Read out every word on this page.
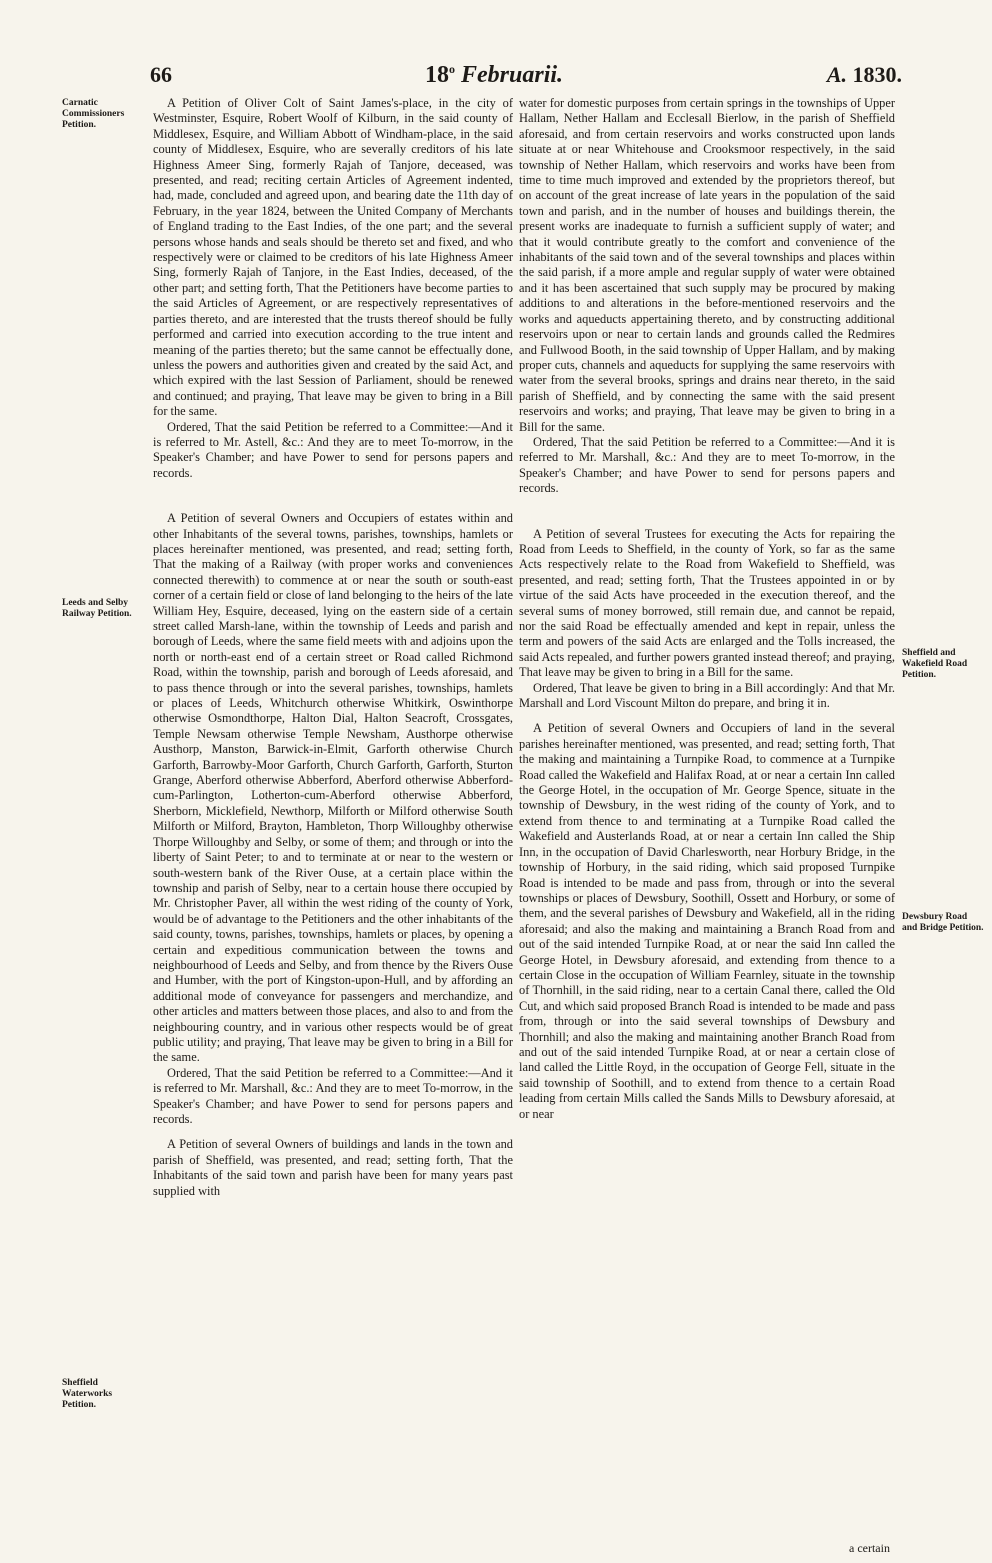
66	18$^o$ Februarii.	A. 1830.
Carnatic Commissioners Petition.
Leeds and Selby Railway Petition.
Sheffield Waterworks Petition.
Sheffield and Wakefield Road Petition.
Dewsbury Road and Bridge Petition.

A Petition of Oliver Colt of Saint James's-place, in the city of Westminster, Esquire, Robert Woolf of Kilburn, in the said county of Middlesex, Esquire, and William Abbott of Windham-place, in the said county of Middlesex, Esquire, who are severally creditors of his late Highness Ameer Sing, formerly Rajah of Tanjore, deceased, was presented, and read; reciting certain Articles of Agreement indented, had, made, concluded and agreed upon, and bearing date the 11th day of February, in the year 1824, between the United Company of Merchants of England trading to the East Indies, of the one part; and the several persons whose hands and seals should be thereto set and fixed, and who respectively were or claimed to be creditors of his late Highness Ameer Sing, formerly Rajah of Tanjore, in the East Indies, deceased, of the other part; and setting forth, That the Petitioners have become parties to the said Articles of Agreement, or are respectively representatives of parties thereto, and are interested that the trusts thereof should be fully performed and carried into execution according to the true intent and meaning of the parties thereto; but the same cannot be effectually done, unless the powers and authorities given and created by the said Act, and which expired with the last Session of Parliament, should be renewed and continued; and praying, That leave may be given to bring in a Bill for the same.

Ordered, That the said Petition be referred to a Committee:—And it is referred to Mr. Astell, &c.: And they are to meet To-morrow, in the Speaker's Chamber; and have Power to send for persons papers and records.

A Petition of several Owners and Occupiers of estates within and other Inhabitants of the several towns, parishes, townships, hamlets or places hereinafter mentioned, was presented, and read; setting forth, That the making of a Railway (with proper works and conveniences connected therewith) to commence at or near the south or south-east corner of a certain field or close of land belonging to the heirs of the late William Hey, Esquire, deceased, lying on the eastern side of a certain street called Marsh-lane, within the township of Leeds and parish and borough of Leeds, where the same field meets with and adjoins upon the north or north-east end of a certain street or Road called Richmond Road, within the township, parish and borough of Leeds aforesaid, and to pass thence through or into the several parishes, townships, hamlets or places of Leeds, Whitchurch otherwise Whitkirk, Oswinthorpe otherwise Osmondthorpe, Halton Dial, Halton Seacroft, Crossgates, Temple Newsam otherwise Temple Newsham, Austhorpe otherwise Austhorp, Manston, Barwick-in-Elmit, Garforth otherwise Church Garforth, Barrowby-Moor Garforth, Church Garforth, Garforth, Sturton Grange, Aberford otherwise Abberford, Aberford otherwise Abberford-cum-Parlington, Lotherton-cum-Aberford otherwise Abberford, Sherborn, Micklefield, Newthorp, Milforth or Milford otherwise South Milforth or Milford, Brayton, Hambleton, Thorp Willoughby otherwise Thorpe Willoughby and Selby, or some of them; and through or into the liberty of Saint Peter; to and to terminate at or near to the western or south-western bank of the River Ouse, at a certain place within the township and parish of Selby, near to a certain house there occupied by Mr. Christopher Paver, all within the west riding of the county of York, would be of advantage to the Petitioners and the other inhabitants of the said county, towns, parishes, townships, hamlets or places, by opening a certain and expeditious communication between the towns and neighbourhood of Leeds and Selby, and from thence by the Rivers Ouse and Humber, with the port of Kingston-upon-Hull, and by affording an additional mode of conveyance for passengers and merchandize, and other articles and matters between those places, and also to and from the neighbouring country, and in various other respects would be of great public utility; and praying, That leave may be given to bring in a Bill for the same.

Ordered, That the said Petition be referred to a Committee:—And it is referred to Mr. Marshall, &c.: And they are to meet To-morrow, in the Speaker's Chamber; and have Power to send for persons papers and records.

A Petition of several Owners of buildings and lands in the town and parish of Sheffield, was presented, and read; setting forth, That the Inhabitants of the said town and parish have been for many years past supplied with

water for domestic purposes from certain springs in the townships of Upper Hallam, Nether Hallam and Ecclesall Bierlow, in the parish of Sheffield aforesaid, and from certain reservoirs and works constructed upon lands situate at or near Whitehouse and Crooksmoor respectively, in the said township of Nether Hallam, which reservoirs and works have been from time to time much improved and extended by the proprietors thereof, but on account of the great increase of late years in the population of the said town and parish, and in the number of houses and buildings therein, the present works are inadequate to furnish a sufficient supply of water; and that it would contribute greatly to the comfort and convenience of the inhabitants of the said town and of the several townships and places within the said parish, if a more ample and regular supply of water were obtained and it has been ascertained that such supply may be procured by making additions to and alterations in the before-mentioned reservoirs and the works and aqueducts appertaining thereto, and by constructing additional reservoirs upon or near to certain lands and grounds called the Redmires and Fullwood Booth, in the said township of Upper Hallam, and by making proper cuts, channels and aqueducts for supplying the same reservoirs with water from the several brooks, springs and drains near thereto, in the said parish of Sheffield, and by connecting the same with the said present reservoirs and works; and praying, That leave may be given to bring in a Bill for the same.

Ordered, That the said Petition be referred to a Committee:—And it is referred to Mr. Marshall, &c.: And they are to meet To-morrow, in the Speaker's Chamber; and have Power to send for persons papers and records.

A Petition of several Trustees for executing the Acts for repairing the Road from Leeds to Sheffield, in the county of York, so far as the same Acts respectively relate to the Road from Wakefield to Sheffield, was presented, and read; setting forth, That the Trustees appointed in or by virtue of the said Acts have proceeded in the execution thereof, and the several sums of money borrowed, still remain due, and cannot be repaid, nor the said Road be effectually amended and kept in repair, unless the term and powers of the said Acts are enlarged and the Tolls increased, the said Acts repealed, and further powers granted instead thereof; and praying, That leave may be given to bring in a Bill for the same.

Ordered, That leave be given to bring in a Bill accordingly: And that Mr. Marshall and Lord Viscount Milton do prepare, and bring it in.

A Petition of several Owners and Occupiers of land in the several parishes hereinafter mentioned, was presented, and read; setting forth, That the making and maintaining a Turnpike Road, to commence at a Turnpike Road called the Wakefield and Halifax Road, at or near a certain Inn called the George Hotel, in the occupation of Mr. George Spence, situate in the township of Dewsbury, in the west riding of the county of York, and to extend from thence to and terminating at a Turnpike Road called the Wakefield and Austerlands Road, at or near a certain Inn called the Ship Inn, in the occupation of David Charlesworth, near Horbury Bridge, in the township of Horbury, in the said riding, which said proposed Turnpike Road is intended to be made and pass from, through or into the several townships or places of Dewsbury, Soothill, Ossett and Horbury, or some of them, and the several parishes of Dewsbury and Wakefield, all in the riding aforesaid; and also the making and maintaining a Branch Road from and out of the said intended Turnpike Road, at or near the said Inn called the George Hotel, in Dewsbury aforesaid, and extending from thence to a certain Close in the occupation of William Fearnley, situate in the township of Thornhill, in the said riding, near to a certain Canal there, called the Old Cut, and which said proposed Branch Road is intended to be made and pass from, through or into the said several townships of Dewsbury and Thornhill; and also the making and maintaining another Branch Road from and out of the said intended Turnpike Road, at or near a certain close of land called the Little Royd, in the occupation of George Fell, situate in the said township of Soothill, and to extend from thence to a certain Road leading from certain Mills called the Sands Mills to Dewsbury aforesaid, at or near

a certain
